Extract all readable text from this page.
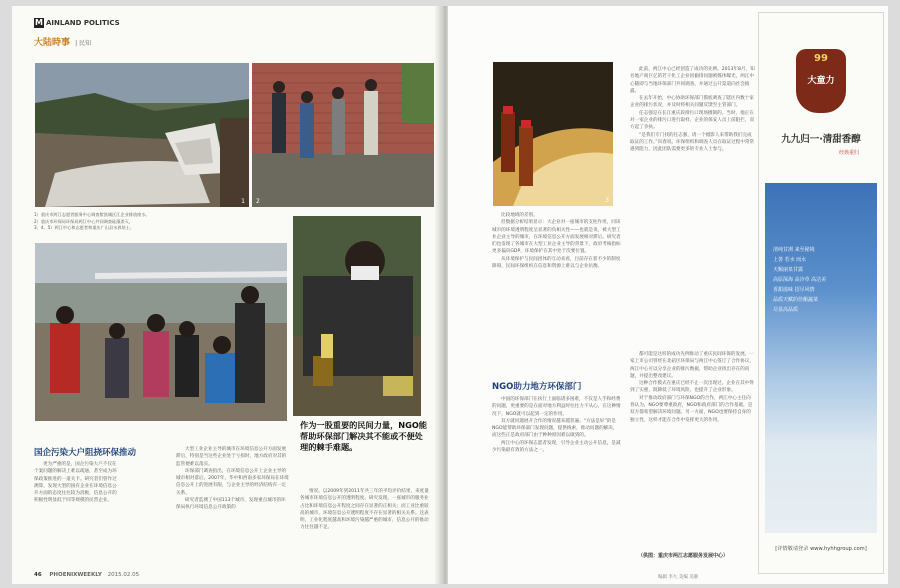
M AINLAND POLITICS
大陆時事 | 民知
1 2
1）重庆市两江志愿者服务中心调查紫凯城区江企业排放废水。
2）重庆市环保局环保局两江中心共同调查硅藻杀灭。
3、4、5）两江中心和志愿者和重庆广山县水界培土。
作为一股重要的民间力量，NGO能帮助环保部门解决其不能或不便处理的棘手难题。
国企污染大户阻挠环保推动

更为严重的是，国企污染大户不仅在个案问题的解决上难以疏通，甚至成为环保政策推进的一道关卡。研究者们曾作过测算，发现大型的国有企业在环境信息公开方面的态度往往较为消极，信息公开的积极性明显低于同等规模的民营企业。

大型工业企业主导的城市在环境信息公开方面发展滞后，特别是当这些企业处于亏损时，地方政府对其的监管便难以落实。

环保部门调查指出，在环境信息公开上企业主导的城市相对落后。2007年，华中和西南多家环保局在环境信息公开上的进展有限，与企业主导的经济结构有一定关系。

研究者监测了中国113个城市，发现重点城市的环保局执行环境信息公开政策的

情况。以2009年到2011年共三年的平均评价结果，来度量各城市环境信息公开的透明程度。研究发现，一座城市的服务业占比和环境信息公开程度之间存在显著的正相关；而工业比重较高的城市，环境信息公开透明程度不存在显著的相关关系。这表明，工业化程度越高和环境污染越严重的城市，信息公开的推动力往往越不足。

46 PHOENIXWEEKLY 2015.02.05
3

比较地域的差别。

但数据分析结果显示：大企业对一座城市的支柱作用，同该城市的环境透明程度呈显著的负相关性——也就是说，被大型工业企业主导的城市，在环境信息公开方面发展相对滞后。研究者们也发现了各城市在大型工业企业主导的背景下，政府考核指标更多偏向GDP，环境保护在其中处于次要位置。

从环境保护与民间团体的互动来看，目前存在着不少的制度障碍，民间环保组织在信息和资源上难以与企业抗衡。

NGO助力地方环保部门

中国的环保部门在执行上面临诸多困难，不仅是人手和经费的问题，更重要的是在面对地方利益时往往力不从心。在这种情况下，NGO就可以起到一定的作用。

双方就问题展开合作的情况越来越普遍。“方法是好”的是NGO能帮助环保部门发现问题，提供线索，推动问题的解决，而这些正是政府部门由于种种原因难以做到的。

两江中心的环保志愿者发现，引导企业主动公开信息，是减少污染最有效的方法之一。

此前，两江中心已经创造了成功的先例。2013年8月，知名地产商巨亿的若干化工企业因偷排问题被媒体曝光，两江中心随即与当地环保部门共同调查，并通过公开渠道向社会披露。

在去年开始，中心协助环保部门摸底调查了辖区内数十家企业的排污状况，并及时将相关问题反馈至主管部门。

任志强是在长江重庆段排污口现场摄制的。当时，他正在对一家企业的排污口进行取样，企业的保安人员上前阻拦，双方起了争执。

“是我们专门找的任志强，请一个摄影人来帮助我们完成取证的工作。”向春说，环保组织和调查人员在取证过程中常常遇到阻力，因此团队需要更多的专业人士参与。

都可能是这样的成功先例推动了重庆民间环保的发展。一家上市公司曾经在北碚区环保局与两江中心签订了合作协议，两江中心可以分享企业的排污数据，帮助企业找出存在的问题，并提出整改建议。

这种合作模式在重庆已经不止一次出现过。企业在其中得到了实惠，既降低了环境风险，也提升了企业形象。

对于推动政府部门与环保NGO的合作，两江中心主任向春认为，NGO要尊重政府，NGO和政府部门的合作基础，是双方都希望解决环境问题。另一方面，NGO也要保持自身的独立性，这样才能在合作中发挥更大的作用。

（供图：重庆市两江志愿服务发展中心）
编辑 李九 美编 美静
99
大童力
九九归一·清甜香醇
经典重归
清纯甘冽 来至秘境
上善 若水 而水
天赐丽泉甘露
高原深海 高冷草 高洁美
香甜滋味 招尽风情
品质天赋的佳酿蔬菜
尽显高品质
[详情敬请登录 www.hyhhgroup.com]
